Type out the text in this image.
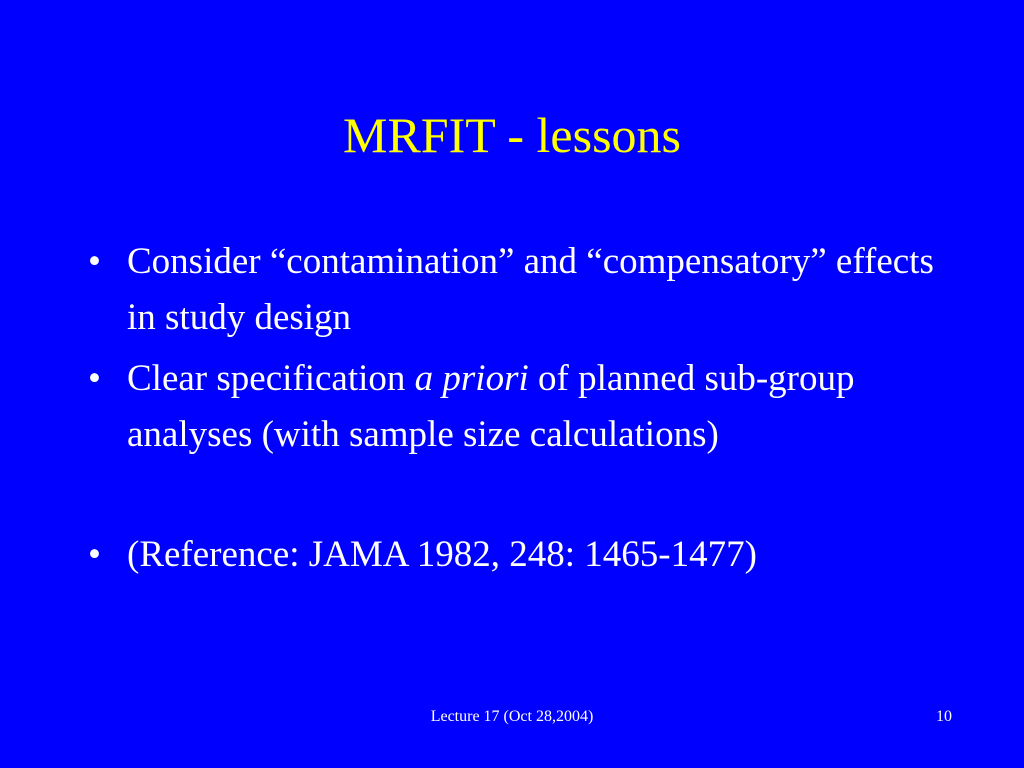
MRFIT - lessons
• Consider “contamination” and “compensatory” effects in study design
• Clear specification a priori of planned sub-group analyses (with sample size calculations)
• (Reference: JAMA 1982, 248: 1465-1477)
Lecture 17 (Oct 28,2004)	10
